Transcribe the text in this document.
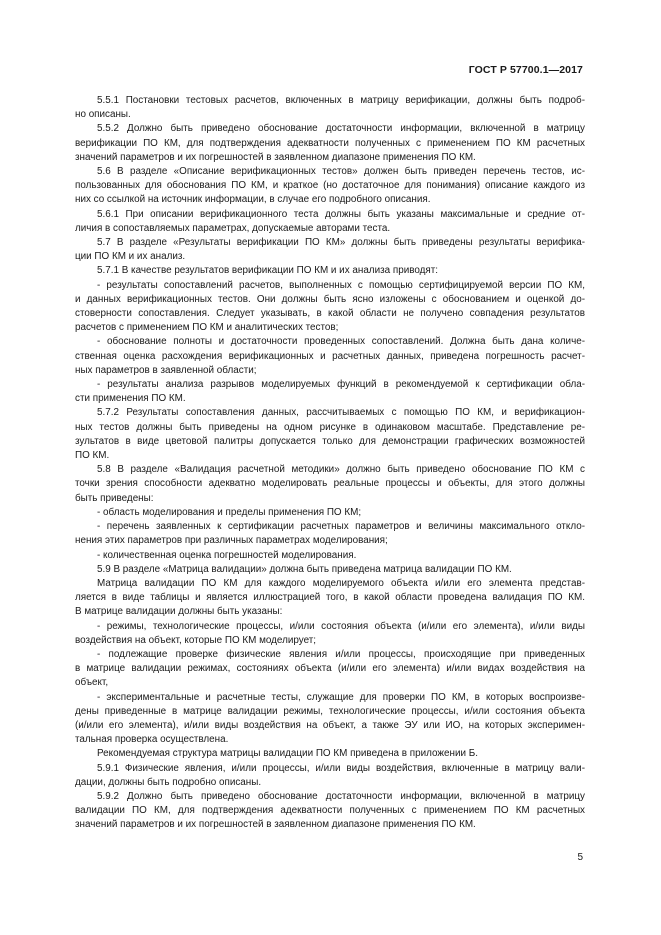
ГОСТ Р 57700.1—2017

5.5.1 Постановки тестовых расчетов, включенных в матрицу верификации, должны быть подроб-
но описаны.

5.5.2 Должно быть приведено обоснование достаточности информации, включенной в матрицу
верификации ПО КМ, для подтверждения адекватности полученных с применением ПО КМ расчетных
значений параметров и их погрешностей в заявленном диапазоне применения ПО КМ.

5.6 В разделе «Описание верификационных тестов» должен быть приведен перечень тестов, ис-
пользованных для обоснования ПО КМ, и краткое (но достаточное для понимания) описание каждого из
них со ссылкой на источник информации, в случае его подробного описания.

5.6.1 При описании верификационного теста должны быть указаны максимальные и средние от-
личия в сопоставляемых параметрах, допускаемые авторами теста.

5.7 В разделе «Результаты верификации ПО КМ» должны быть приведены результаты верифика-
ции ПО КМ и их анализ.

5.7.1 В качестве результатов верификации ПО КМ и их анализа приводят:

- результаты сопоставлений расчетов, выполненных с помощью сертифицируемой версии ПО КМ,
и данных верификационных тестов. Они должны быть ясно изложены с обоснованием и оценкой до-
стоверности сопоставления. Следует указывать, в какой области не получено совпадения результатов
расчетов с применением ПО КМ и аналитических тестов;

- обоснование полноты и достаточности проведенных сопоставлений. Должна быть дана количе-
ственная оценка расхождения верификационных и расчетных данных, приведена погрешность расчет-
ных параметров в заявленной области;

- результаты анализа разрывов моделируемых функций в рекомендуемой к сертификации обла-
сти применения ПО КМ.

5.7.2 Результаты сопоставления данных, рассчитываемых с помощью ПО КМ, и верификацион-
ных тестов должны быть приведены на одном рисунке в одинаковом масштабе. Представление ре-
зультатов в виде цветовой палитры допускается только для демонстрации графических возможностей
ПО КМ.

5.8 В разделе «Валидация расчетной методики» должно быть приведено обоснование ПО КМ с
точки зрения способности адекватно моделировать реальные процессы и объекты, для этого должны
быть приведены:

- область моделирования и пределы применения ПО КМ;

- перечень заявленных к сертификации расчетных параметров и величины максимального откло-
нения этих параметров при различных параметрах моделирования;

- количественная оценка погрешностей моделирования.

5.9 В разделе «Матрица валидации» должна быть приведена матрица валидации ПО КМ.

Матрица валидации ПО КМ для каждого моделируемого объекта и/или его элемента представ-
ляется в виде таблицы и является иллюстрацией того, в какой области проведена валидация ПО КМ.
В матрице валидации должны быть указаны:

- режимы, технологические процессы, и/или состояния объекта (и/или его элемента), и/или виды
воздействия на объект, которые ПО КМ моделирует;

- подлежащие проверке физические явления и/или процессы, происходящие при приведенных
в матрице валидации режимах, состояниях объекта (и/или его элемента) и/или видах воздействия на
объект,

- экспериментальные и расчетные тесты, служащие для проверки ПО КМ, в которых воспроизве-
дены приведенные в матрице валидации режимы, технологические процессы, и/или состояния объекта
(и/или его элемента), и/или виды воздействия на объект, а также ЭУ или ИО, на которых эксперимен-
тальная проверка осуществлена.

Рекомендуемая структура матрицы валидации ПО КМ приведена в приложении Б.

5.9.1 Физические явления, и/или процессы, и/или виды воздействия, включенные в матрицу вали-
дации, должны быть подробно описаны.

5.9.2 Должно быть приведено обоснование достаточности информации, включенной в матрицу
валидации ПО КМ, для подтверждения адекватности полученных с применением ПО КМ расчетных
значений параметров и их погрешностей в заявленном диапазоне применения ПО КМ.

5
